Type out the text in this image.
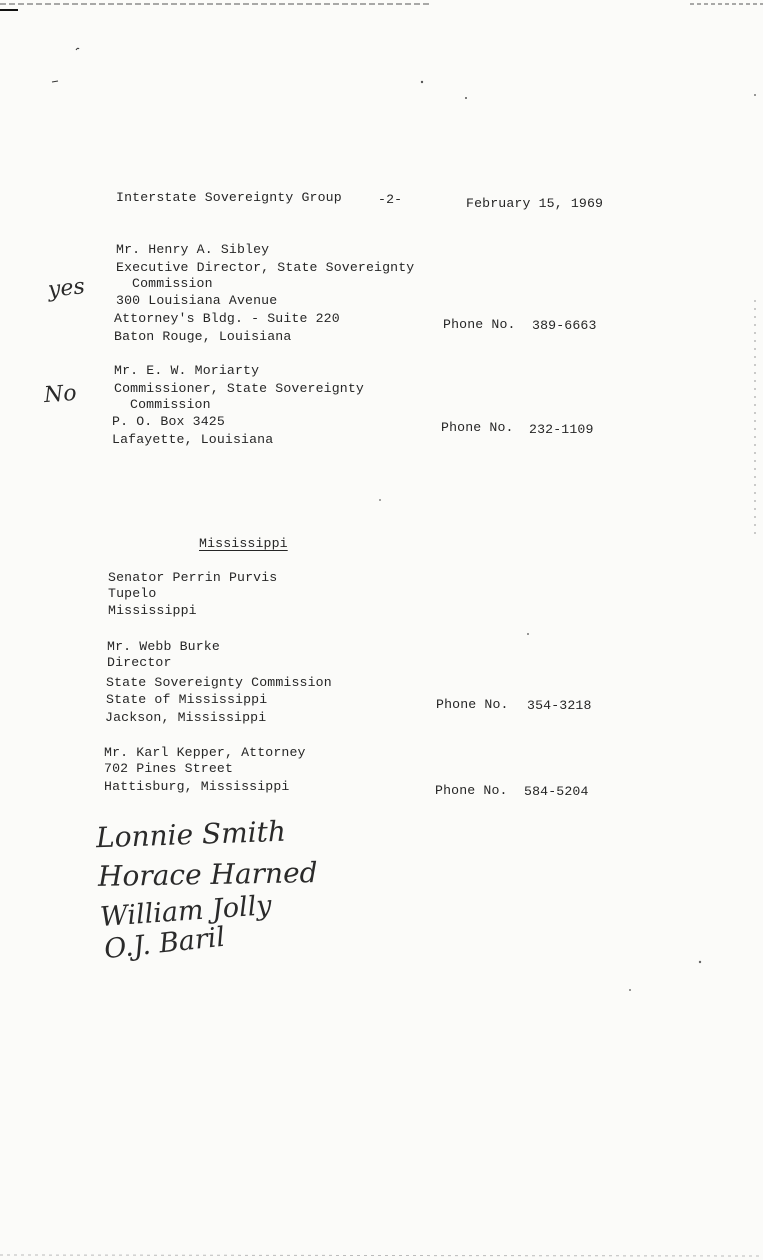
Interstate Sovereignty Group	-2-	February 15, 1969
yes
Mr. Henry A. Sibley
Executive Director, State Sovereignty
Commission
300 Louisiana Avenue
Attorney's Bldg. - Suite 220
Baton Rouge, Louisiana
Phone No. 389-6663
No
Mr. E. W. Moriarty
Commissioner, State Sovereignty
Commission
P. O. Box 3425
Lafayette, Louisiana
Phone No. 232-1109
Mississippi
Senator Perrin Purvis
Tupelo
Mississippi
Mr. Webb Burke
Director
State Sovereignty Commission
State of Mississippi
Jackson, Mississippi
Phone No. 354-3218
Mr. Karl Kepper, Attorney
702 Pines Street
Hattisburg, Mississippi	Phone No. 584-5204
Lonnie Smith
Horace Harned
William Jolly
O.J. Baril
